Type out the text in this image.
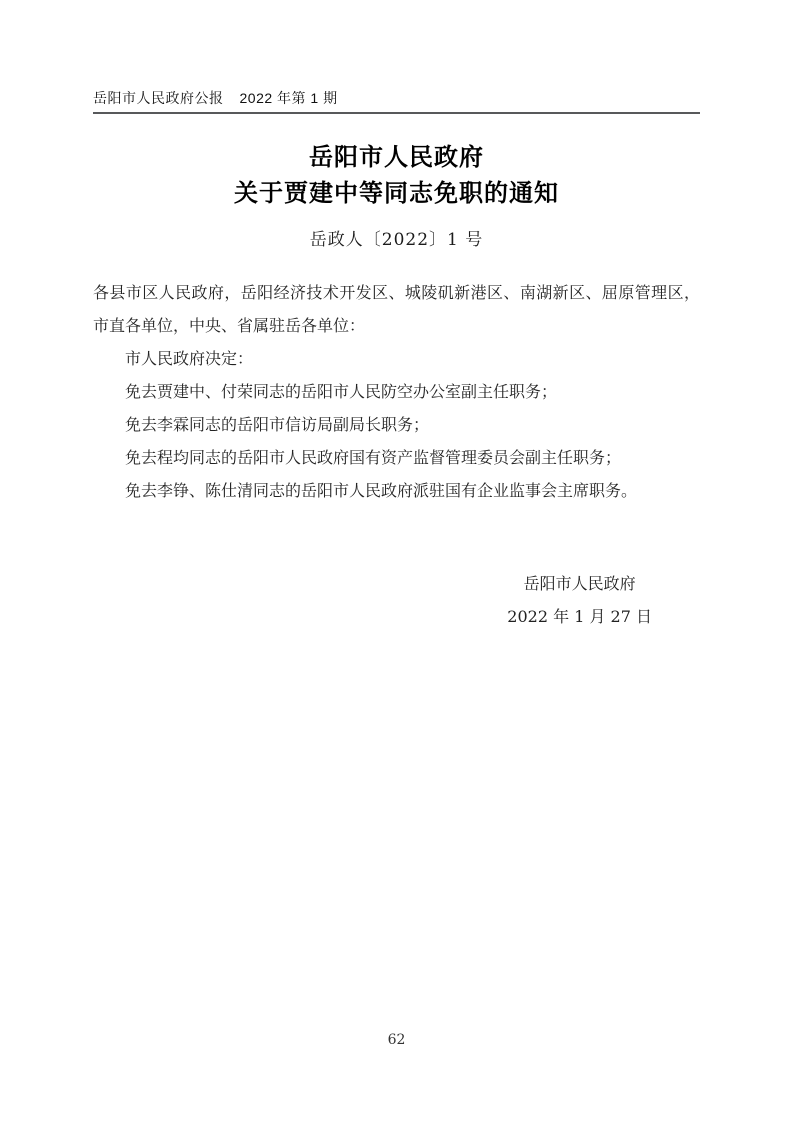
岳阳市人民政府公报 2022 年第 1 期
岳阳市人民政府
关于贾建中等同志免职的通知
岳政人〔2022〕1 号

各县市区人民政府，岳阳经济技术开发区、城陵矶新港区、南湖新区、屈原管理区，市直各单位，中央、省属驻岳各单位：

市人民政府决定：

免去贾建中、付荣同志的岳阳市人民防空办公室副主任职务；

免去李霖同志的岳阳市信访局副局长职务；

免去程均同志的岳阳市人民政府国有资产监督管理委员会副主任职务；

免去李铮、陈仕清同志的岳阳市人民政府派驻国有企业监事会主席职务。

岳阳市人民政府
2022 年 1 月 27 日
62
